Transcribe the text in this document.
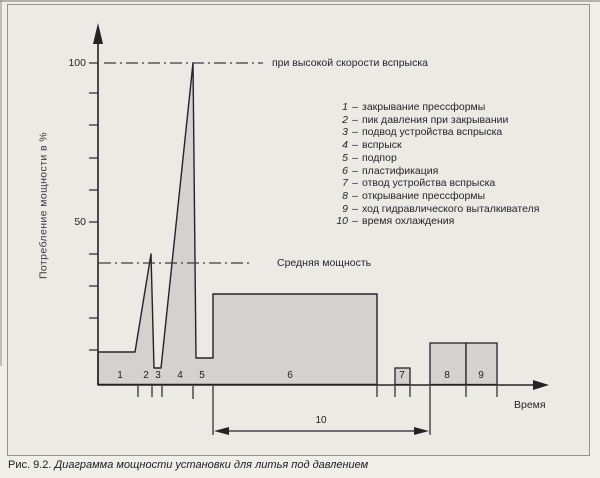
100
50
Потребление мощности в %
Время
при высокой скорости вспрыска
Средняя мощность
1 2 3 4 5	6	7	8	9
10
1 – закрывание прессформы
2 – пик давления при закрывании
3 – подвод устройства вспрыска
4 – вспрыск
5 – подпор
6 – пластификация
7 – отвод устройства вспрыска
8 – открывание прессформы
9 – ход гидравлического выталкивателя
10 – время охлаждения
Рис. 9.2. Диаграмма мощности установки для литья под давлением
